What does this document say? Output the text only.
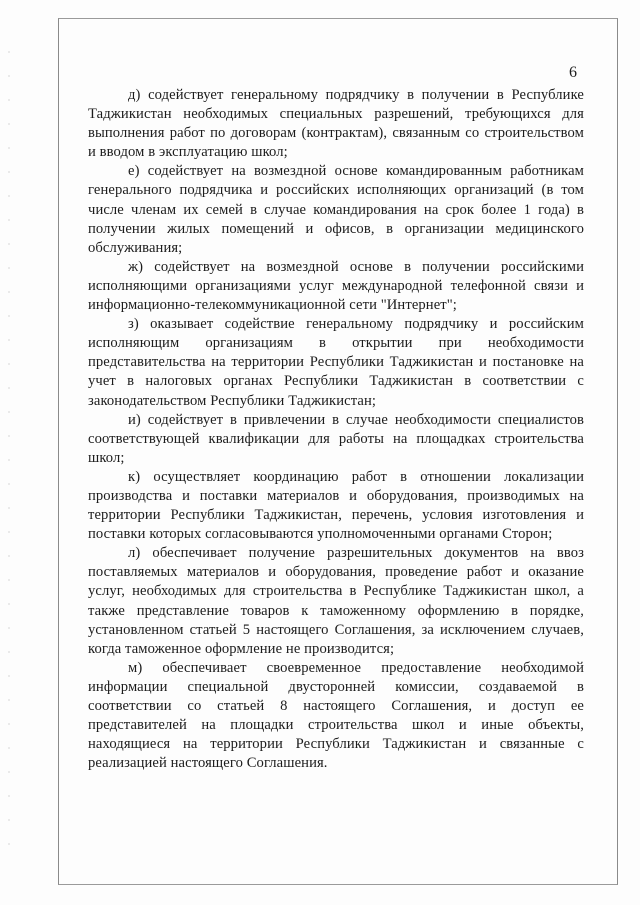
6

д) содействует генеральному подрядчику в получении в Республике Таджикистан необходимых специальных разрешений, требующихся для выполнения работ по договорам (контрактам), связанным со строительством и вводом в эксплуатацию школ;

е) содействует на возмездной основе командированным работникам генерального подрядчика и российских исполняющих организаций (в том числе членам их семей в случае командирования на срок более 1 года) в получении жилых помещений и офисов, в организации медицинского обслуживания;

ж) содействует на возмездной основе в получении российскими исполняющими организациями услуг международной телефонной связи и информационно-телекоммуникационной сети "Интернет";

з) оказывает содействие генеральному подрядчику и российским исполняющим организациям в открытии при необходимости представительства на территории Республики Таджикистан и постановке на учет в налоговых органах Республики Таджикистан в соответствии с законодательством Республики Таджикистан;

и) содействует в привлечении в случае необходимости специалистов соответствующей квалификации для работы на площадках строительства школ;

к) осуществляет координацию работ в отношении локализации производства и поставки материалов и оборудования, производимых на территории Республики Таджикистан, перечень, условия изготовления и поставки которых согласовываются уполномоченными органами Сторон;

л) обеспечивает получение разрешительных документов на ввоз поставляемых материалов и оборудования, проведение работ и оказание услуг, необходимых для строительства в Республике Таджикистан школ, а также представление товаров к таможенному оформлению в порядке, установленном статьей 5 настоящего Соглашения, за исключением случаев, когда таможенное оформление не производится;

м) обеспечивает своевременное предоставление необходимой информации специальной двусторонней комиссии, создаваемой в соответствии со статьей 8 настоящего Соглашения, и доступ ее представителей на площадки строительства школ и иные объекты, находящиеся на территории Республики Таджикистан и связанные с реализацией настоящего Соглашения.
